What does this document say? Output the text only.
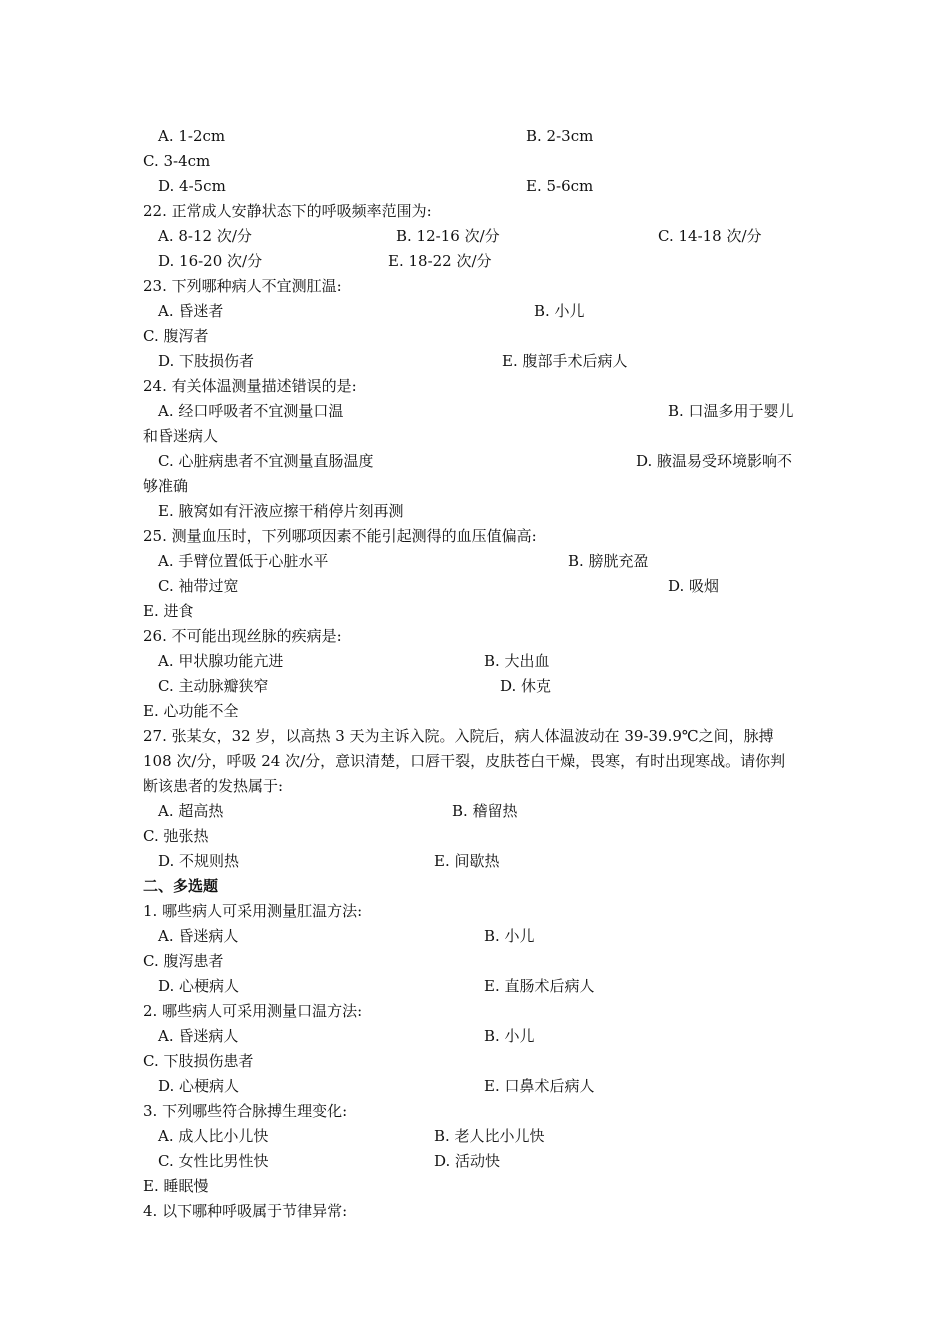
A. 1-2cm	B. 2-3cm
C. 3-4cm
D. 4-5cm	E. 5-6cm
22. 正常成人安静状态下的呼吸频率范围为:
A. 8-12 次/分	B. 12-16 次/分	C. 14-18 次/分
D. 16-20 次/分	E. 18-22 次/分
23. 下列哪种病人不宜测肛温:
A. 昏迷者	B. 小儿
C. 腹泻者
D. 下肢损伤者	E. 腹部手术后病人
24. 有关体温测量描述错误的是:
A. 经口呼吸者不宜测量口温	B. 口温多用于婴儿
和昏迷病人
C. 心脏病患者不宜测量直肠温度	D. 腋温易受环境影响不
够准确
E. 腋窝如有汗液应擦干稍停片刻再测
25. 测量血压时，下列哪项因素不能引起测得的血压值偏高:
A. 手臂位置低于心脏水平	B. 膀胱充盈
C. 袖带过宽	D. 吸烟
E. 进食
26. 不可能出现丝脉的疾病是:
A. 甲状腺功能亢进	B. 大出血
C. 主动脉瓣狭窄	D. 休克
E. 心功能不全
27. 张某女，32 岁，以高热 3 天为主诉入院。入院后，病人体温波动在 39-39.9℃之间，脉搏
108 次/分，呼吸 24 次/分，意识清楚，口唇干裂，皮肤苍白干燥，畏寒，有时出现寒战。请你判
断该患者的发热属于:
A. 超高热	B. 稽留热
C. 弛张热
D. 不规则热	E. 间歇热
二、多选题
1. 哪些病人可采用测量肛温方法:
A. 昏迷病人	B. 小儿
C. 腹泻患者
D. 心梗病人	E. 直肠术后病人
2. 哪些病人可采用测量口温方法:
A. 昏迷病人	B. 小儿
C. 下肢损伤患者
D. 心梗病人	E. 口鼻术后病人
3. 下列哪些符合脉搏生理变化:
A. 成人比小儿快	B. 老人比小儿快
C. 女性比男性快	D. 活动快
E. 睡眠慢
4. 以下哪种呼吸属于节律异常:
